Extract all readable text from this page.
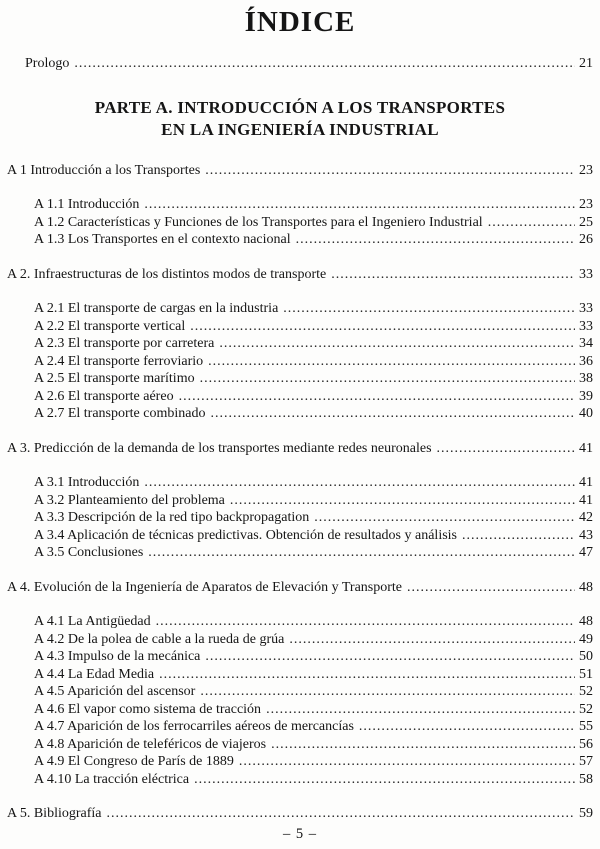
ÍNDICE
Prologo .....	21
PARTE A. INTRODUCCIÓN A LOS TRANSPORTES
EN LA INGENIERÍA INDUSTRIAL
A 1 Introducción a los Transportes .....	23
A 1.1 Introducción .....	23
A 1.2 Características y Funciones de los Transportes para el Ingeniero Industrial .....	25
A 1.3 Los Transportes en el contexto nacional .....	26
A 2. Infraestructuras de los distintos modos de transporte .....	33
A 2.1 El transporte de cargas en la industria .....	33
A 2.2 El transporte vertical .....	33
A 2.3 El transporte por carretera .....	34
A 2.4 El transporte ferroviario .....	36
A 2.5 El transporte marítimo .....	38
A 2.6 El transporte aéreo .....	39
A 2.7 El transporte combinado .....	40
A 3. Predicción de la demanda de los transportes mediante redes neuronales .....	41
A 3.1 Introducción .....	41
A 3.2 Planteamiento del problema .....	41
A 3.3 Descripción de la red tipo backpropagation .....	42
A 3.4 Aplicación de técnicas predictivas. Obtención de resultados y análisis .....	43
A 3.5 Conclusiones .....	47
A 4. Evolución de la Ingeniería de Aparatos de Elevación y Transporte .....	48
A 4.1 La Antigüedad .....	48
A 4.2 De la polea de cable a la rueda de grúa .....	49
A 4.3 Impulso de la mecánica .....	50
A 4.4 La Edad Media .....	51
A 4.5 Aparición del ascensor .....	52
A 4.6 El vapor como sistema de tracción .....	52
A 4.7 Aparición de los ferrocarriles aéreos de mercancías .....	55
A 4.8 Aparición de teleféricos de viajeros .....	56
A 4.9 El Congreso de París de 1889 .....	57
A 4.10 La tracción eléctrica .....	58
A 5. Bibliografía .....	59
– 5 –
